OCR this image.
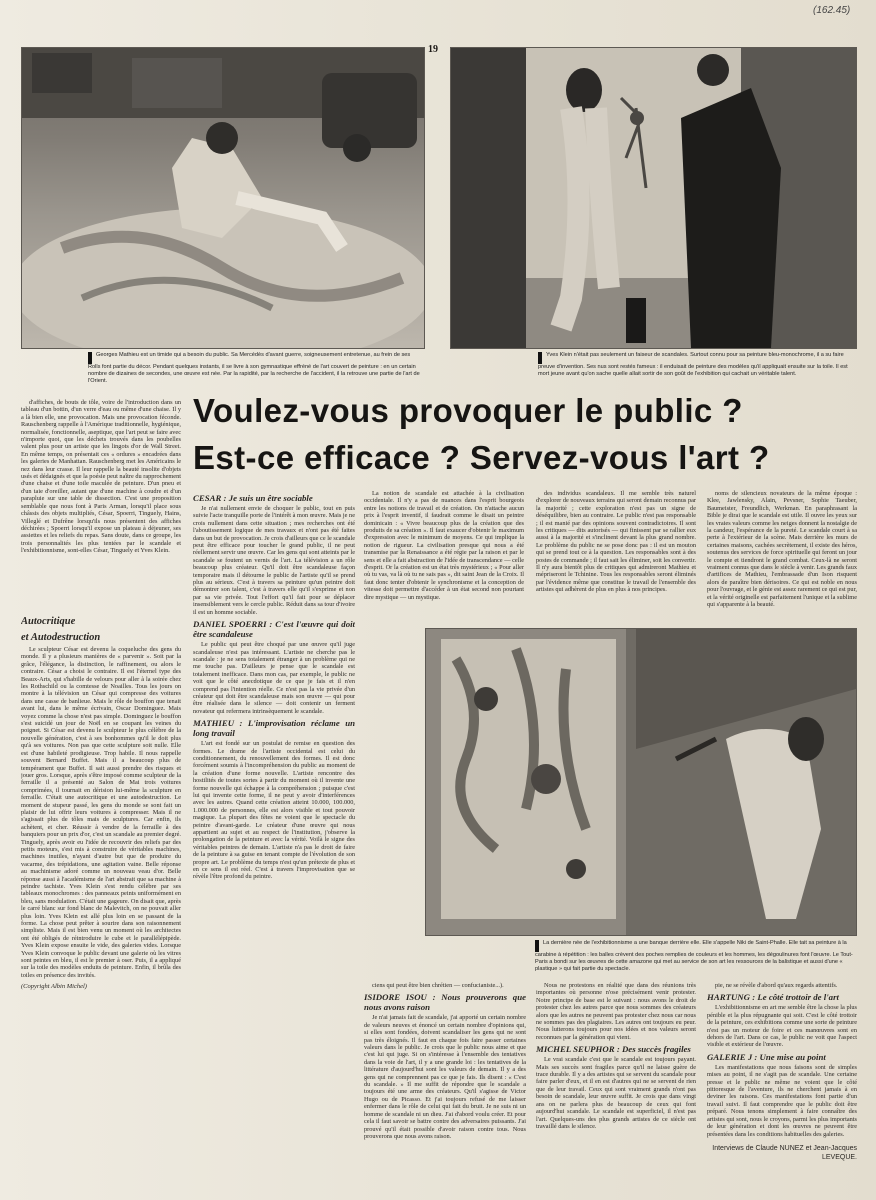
19
(162.45)
Georges Mathieu est un timide qui a besoin du public. Sa Mercédès d'avant guerre, soigneusement entretenue, au frein de ses Rolls font partie du décor. Pendant quelques instants, il se livre à son gymnastique effréné de l'art couvert de peinture : en un certain nombre de dizaines de secondes, une œuvre est née. Par la rapidité, par la recherche de l'accident, il la retrouve une partie de l'art de l'Orient.
Yves Klein n'était pas seulement un faiseur de scandales. Surtout connu pour sa peinture bleu-monochrome, il a su faire preuve d'invention. Ses nus sont restés fameux : il enduisait de peinture des modèles qu'il appliquait ensuite sur la toile. Il est mort jeune avant qu'on sache quelle allait sortir de son goût de l'exhibition qui cachait un véritable talent.

d'affiches, de bouts de tôle, voire de l'introduction dans un tableau d'un bottin, d'un verre d'eau ou même d'une chaise. Il y a là bien elle, une provocation. Mais une provocation féconde. Rauschenberg rappelle à l'Amérique traditionnelle, hygiénique, normalisée, fonctionnelle, aseptique, que l'art peut se faire avec n'importe quoi, que les déchets trouvés dans les poubelles valent plus pour un artiste que les lingots d'or de Wall Street. En même temps, on présentait ces « ordures » encadrées dans les galeries de Manhattan. Rauschenberg met les Américains le nez dans leur crasse. Il leur rappelle la beauté insolite d'objets usés et dédaignés et que la poésie peut naître du rapprochement d'une chaise et d'une toile maculée de peinture. D'un pneu et d'un taie d'oreiller, autant que d'une machine à coudre et d'un parapluie sur une table de dissection. C'est une proposition semblable que nous font à Paris Arman, lorsqu'il place sous châssis des objets multipliés, César, Spoerri, Tinguely, Hains, Villeglé et Dufrêne lorsqu'ils nous présentent des affiches déchirées ; Spoerri lorsqu'il expose un plateau à déjeuner, ses assiettes et les reliefs du repas. Sans doute, dans ce groupe, les trois personnalités les plus tentées par le scandale et l'exhibitionnisme, sont-elles César, Tinguely et Yves Klein.

Voulez-vous provoquer le public ?
Est-ce efficace ? Servez-vous l'art ?
Autocritique
et Autodestruction

Le sculpteur César est devenu la coqueluche des gens du monde. Il y a plusieurs manières de « parvenir ». Soit par la grâce, l'élégance, la distinction, le raffinement, ou alors le contraire. César a choisi le contraire. Il est l'éternel type des Beaux-Arts, qui s'habille de velours pour aller à la soirée chez les Rothschild ou la comtesse de Noailles. Tous les jours on montre à la télévision un César qui compresse des voitures dans une casse de banlieue. Mais le rôle de bouffon que tenait avant lui, dans le même écrivain, Oscar Dominguez. Mais voyez comme la chose n'est pas simple. Dominguez le bouffon s'est suicidé un jour de Noël en se coupant les veines du poignet. Si César est devenu le sculpteur le plus célèbre de la nouvelle génération, c'est à ses bonhommes qu'il le doit plus qu'à ses voitures. Non pas que cette sculpture soit nulle. Elle est d'une habileté prodigieuse. Trop habile. Il nous rappelle souvent Bernard Buffet. Mais il a beaucoup plus de tempérament que Buffet. Il sait aussi prendre des risques et jouer gros. Lorsque, après s'être imposé comme sculpteur de la ferraille il a présenté au Salon de Mai trois voitures comprimées, il tournait en dérision lui-même la sculpture en ferraille. C'était une autocritique et une autodestruction. Le moment de stupeur passé, les gens du monde se sont fait un plaisir de lui offrir leurs voitures à compresser. Mais il ne s'agissait plus de tôles mais de sculptures. Car enfin, ils achètent, et cher. Réussir à vendre de la ferraille à des banquiers pour un prix d'or, c'est un scandale au premier degré. Tinguely, après avoir eu l'idée de recouvrir des reliefs par des petits moteurs, s'est mis à construire de véritables machines, machines inutiles, n'ayant d'autre but que de produire du vacarme, des trépidations, une agitation vaine. Belle réponse au machinisme adoré comme un nouveau veau d'or. Belle réponse aussi à l'académisme de l'art abstrait que sa machine à peindre tachiste. Yves Klein s'est rendu célèbre par ses tableaux monochromes : des panneaux peints uniformément en bleu, sans modulation. C'était une gageure. On disait que, après le carré blanc sur fond blanc de Malevitch, on ne pouvait aller plus loin. Yves Klein est allé plus loin en se passant de la forme. La chose peut prêter à sourire dans son raisonnement simpliste. Mais il est bien venu un moment où les architectes ont été obligés de réintroduire le cube et le parallélépipède. Yves Klein expose ensuite le vide, des galeries vides. Lorsque Yves Klein convoque le public devant une galerie où les vitres sont peintes en bleu, il est le premier à oser. Puis, il a appliqué sur la toile des modèles enduits de peinture. Enfin, il brûla des toiles en présence des invités.

(Copyright Albin Michel)
CESAR : Je suis un être sociable

Je n'ai nullement envie de choquer le public, tout en puis suivie l'acte tranquille porte de l'intérêt à mon œuvre. Mais je ne crois nullement dans cette situation ; mes recherches ont été l'aboutissement logique de mes travaux et n'ont pas été faites dans un but de provocation. Je crois d'ailleurs que ce le scandale peut être efficace pour toucher le grand public, il ne peut réellement servir une œuvre. Car les gens qui sont atteints par le scandale se foutent un vernis de l'art. La télévision a un rôle beaucoup plus créateur. Qu'il doit être scandaleuse façon temporaire mais il détourne le public de l'artiste qu'il se prend plus au sérieux. C'est à travers sa peinture qu'un peintre doit démontrer son talent, c'est à travers elle qu'il s'exprime et non par sa vie privée. Tout l'effort qu'il fait pour se déplacer insensiblement vers le cercle public. Réduit dans sa tour d'ivoire il est un homme sociable.

DANIEL SPOERRI : C'est l'œuvre qui doit être scandaleuse

Le public qui peut être choqué par une œuvre qu'il juge scandaleuse n'est pas intéressant. L'artiste ne cherche pas le scandale : je ne sens totalement étranger à un problème qui ne me touche pas. D'ailleurs je pense que le scandale est totalement inefficace. Dans mon cas, par exemple, le public ne voit que le côté anecdotique de ce que je fais et il n'en comprend pas l'intention réelle. Ce n'est pas la vie privée d'un créateur qui doit être scandaleuse mais son œuvre — qui pour être réalisée dans le silence — doit contenir un ferment novateur qui refermera intrinsèquement le scandale.

MATHIEU : L'improvisation réclame un long travail

L'art est fondé sur un postulat de remise en question des formes. Le drame de l'artiste occidental est celui du conditionnement, du renouvellement des formes. Il est donc forcément soumis à l'incompréhension du public au moment de la création d'une forme nouvelle. L'artiste rencontre des hostilités de toutes sortes à partir du moment où il invente une forme nouvelle qui échappe à la compréhension ; puisque c'est lui qui invente cette forme, il ne peut y avoir d'interférences avec les autres. Quand cette création atteint 10.000, 100.000, 1.000.000 de personnes, elle est alors visible et tout pouvoir magique. La plupart des fêtes ne voient que le spectacle du peintre d'avant-garde. Le créateur d'une œuvre qui nous appartient au sujet et au respect de l'institution, j'observe la prolongation de la peinture et avec la vérité. Voilà le signe des véritables peintres de demain. L'artiste n'a pas le droit de faire de la peinture à sa guise en tenant compte de l'évolution de son propre art. Le problème du temps n'est qu'un prétexte de plus et en ce sens il est réel. C'est à travers l'improvisation que se révèle l'être profond du peintre.

La notion de scandale est attachée à la civilisation occidentale. Il n'y a pas de nuances dans l'esprit bourgeois entre les notions de travail et de création. On n'attache aucun prix à l'esprit inventif, il faudrait comme le disait un peintre dominicain : « Vivre beaucoup plus de la création que des produits de sa création ». Il faut exaucer d'obtenir le maximum d'expression avec le minimum de moyens. Ce qui implique la notion de rigueur. La civilisation presque qui nous a été transmise par la Renaissance a été régie par la raison et par le sens et elle a fait abstraction de l'idée de transcendance — celle d'esprit. Or la création est un état très mystérieux ; « Pour aller où tu vas, va là où tu ne sais pas », dit saint Jean de la Croix. Il faut donc tenter d'obtenir le synchronisme et la conception de vitesse doit permettre d'accéder à un état second non pourtant dire mystique — un mystique.

des individus scandaleux. Il me semble très naturel d'explorer de nouveaux terrains qui seront demain reconnus par la majorité ; cette exploration n'est pas un signe de déséquilibre, bien au contraire. Le public n'est pas responsable ; il est manié par des opinions souvent contradictoires. Il sont les critiques — dits autorisés — qui finissent par se rallier eux aussi à la majorité et s'inclinent devant la plus grand nombre. Le problème du public ne se pose donc pas : il est un mouton qui se prend tout ce à la question. Les responsables sont à des postes de commande ; il faut sait les éliminer, soit les convertir. Il n'y aura bientôt plus de critiques qui admireront Mathieu et mépriseront le Tchinine. Tous les responsables seront éliminés par l'évidence même que constitue le travail de l'ensemble des artistes qui adhèrent de plus en plus à nos principes.

noms de silencieux novateurs de la même époque : Klee, Jawlensky, Alain, Pevsner, Sophie Taeuber, Baumeister, Freundlich, Werkman. En paraphrasant la Bible je dirai que le scandale est utile. Il ouvre les yeux sur les vraies valeurs comme les neiges donnent la nostalgie de la candeur, l'espérance de la pureté. Le scandale court à sa perte à l'extérieur de la scène. Mais derrière les murs de certaines maisons, cachées secrètement, il existe des héros, soutenus des services de force spirituelle qui feront un jour le compte et tiendront le grand combat. Ceux-là ne seront vraiment connus que dans le siècle à venir. Les grands faux d'artifices de Mathieu, l'embrassade d'un Ison risquent alors de paraître bien dérisoires. Ce qui est noble en nous pour l'ouvrage, et le génie est assez rarement ce qui est pur, et la vérité originelle est parfaitement l'unique et la sublime qui s'apparente à la beauté.

La dernière née de l'exhibitionnisme a une banque derrière elle. Elle s'appelle Niki de Saint-Phalle. Elle tait sa peinture à la carabine à répétition : les balles crèvent des poches remplies de couleurs et les hommes, les dégoulinures font l'œuvre. Le Tout-Paris a bondi sur les œuvres de cette amazone qui met au service de son art les ressources de la balistique et aussi d'une « plastique » qui fait partie du spectacle.

ciens qui peut être bien chrétien — confucianiste...).

ISIDORE ISOU : Nous prouverons que nous avons raison

Je n'ai jamais fait de scandale, j'ai apporté un certain nombre de valeurs neuves et énoncé un certain nombre d'opinions qui, si elles sont fondées, doivent scandaliser les gens qui ne sont pas très éloignés. Il faut en chaque fois faire passer certaines valeurs dans le public. Je crois que le public nous aime et que c'est lui qui juge. Si on s'intéresse à l'ensemble des tentatives dans la voie de l'art, il y a une grande loi : les tentatives de la littérature d'aujourd'hui sont les valeurs de demain. Il y a des gens qui ne comprennent pas ce que je fais. Ils disent : « C'est du scandale. » Il me suffit de répondre que le scandale a toujours été une arme des créateurs. Qu'il s'agisse de Victor Hugo ou de Picasso. Et j'ai toujours refusé de me laisser enfermer dans le rôle de celui qui fait du bruit. Je ne suis ni un homme de scandale ni un dieu. J'ai d'abord voulu créer. Et pour cela il faut savoir se battre contre des adversaires puissants. J'ai prouvé qu'il était possible d'avoir raison contre tous. Nous prouverons que nous avons raison.

Nous ne protestons en réalité que dans des réunions très importantes où personne n'ose précisément venir protester. Notre principe de base est le suivant : nous avons le droit de protester chez les autres parce que nous sommes des créateurs alors que les autres ne peuvent pas protester chez nous car nous ne sommes pas des plagiaires. Les autres ont toujours eu peur. Nous lutterons toujours pour nos idées et nos valeurs seront reconnues par la génération qui vient.

MICHEL SEUPHOR : Des succès fragiles

Le vrai scandale c'est que le scandale est toujours payant. Mais ses succès sont fragiles parce qu'il ne laisse guère de trace durable. Il y a des artistes qui se servent du scandale pour faire parler d'eux, et il en est d'autres qui ne se servent de rien que de leur travail. Ceux qui sont vraiment grands n'ont pas besoin de scandale, leur œuvre suffit. Je crois que dans vingt ans on ne parlera plus de beaucoup de ceux qui font aujourd'hui scandale. Le scandale est superficiel, il n'est pas l'art. Quelques-uns des plus grands artistes de ce siècle ont travaillé dans le silence.

pie, ne se révèle d'abord qu'aux regards attentifs.

HARTUNG : Le côté trottoir de l'art

L'exhibitionnisme en art me semble être la chose la plus pénible et la plus répugnante qui soit. C'est le côté trottoir de la peinture, ces exhibitions comme une sorte de peinture n'est pas un moteur de foire et ces manœuvres sont en dehors de l'art. Dans ce cas, le public ne voit que l'aspect visible et extérieur de l'œuvre.

GALERIE J : Une mise au point

Les manifestations que nous faisons sont de simples mises au point, il ne s'agit pas de scandale. Une certaine presse et le public ne même ne voient que le côté pittoresque de l'aventure, ils ne cherchent jamais à en deviner les raisons. Ces manifestations font partie d'un travail suivi. Il faut comprendre que le public doit être préparé. Nous tenons simplement à faire connaître des artistes qui sont, nous le croyons, parmi les plus importants de leur génération et dont les œuvres ne peuvent être présentées dans les conditions habituelles des galeries.

Interviews de Claude NUNEZ et Jean-Jacques LEVEQUE.
